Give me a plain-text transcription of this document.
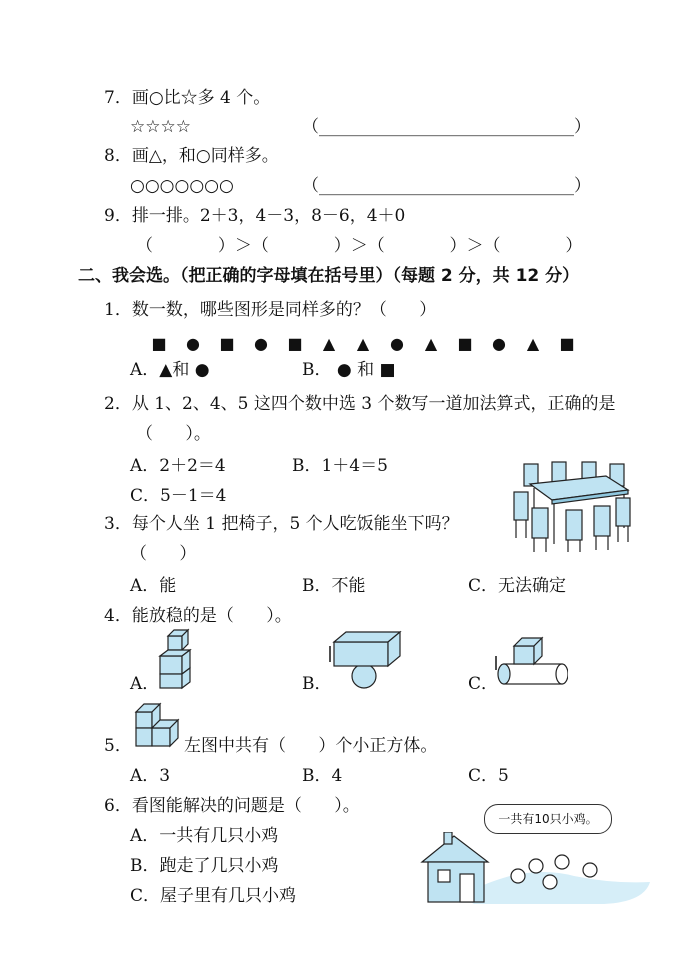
7．画○比☆多 4 个。
☆☆☆☆	（______________________________）
8．画△，和○同样多。
○○○○○○○	（______________________________）
9．排一排。2＋3，4－3，8－6，4＋0
（            ）＞（            ）＞（            ）＞（            ）
二、我会选。（把正确的字母填在括号里）（每题 2 分，共 12 分）
1．数一数，哪些图形是同样多的？（      ）
■ ● ■ ● ■ ▲ ▲ ● ▲ ■ ● ▲ ■
A．▲和 ●	B． ● 和 ■
2．从 1、2、4、5 这四个数中选 3 个数写一道加法算式，正确的是
（      ）。
A．2＋2＝4	B．1＋4＝5
C．5－1＝4
3．每个人坐 1 把椅子，5 个人吃饭能坐下吗？
（      ）
A．能	B．不能	C．无法确定
4．能放稳的是（      ）。
A．	B．	C．
5．	左图中共有（      ）个小正方体。
A．3	B．4	C．5
6．看图能解决的问题是（      ）。
A．一共有几只小鸡
B．跑走了几只小鸡
C．屋子里有几只小鸡
一共有10只小鸡。
